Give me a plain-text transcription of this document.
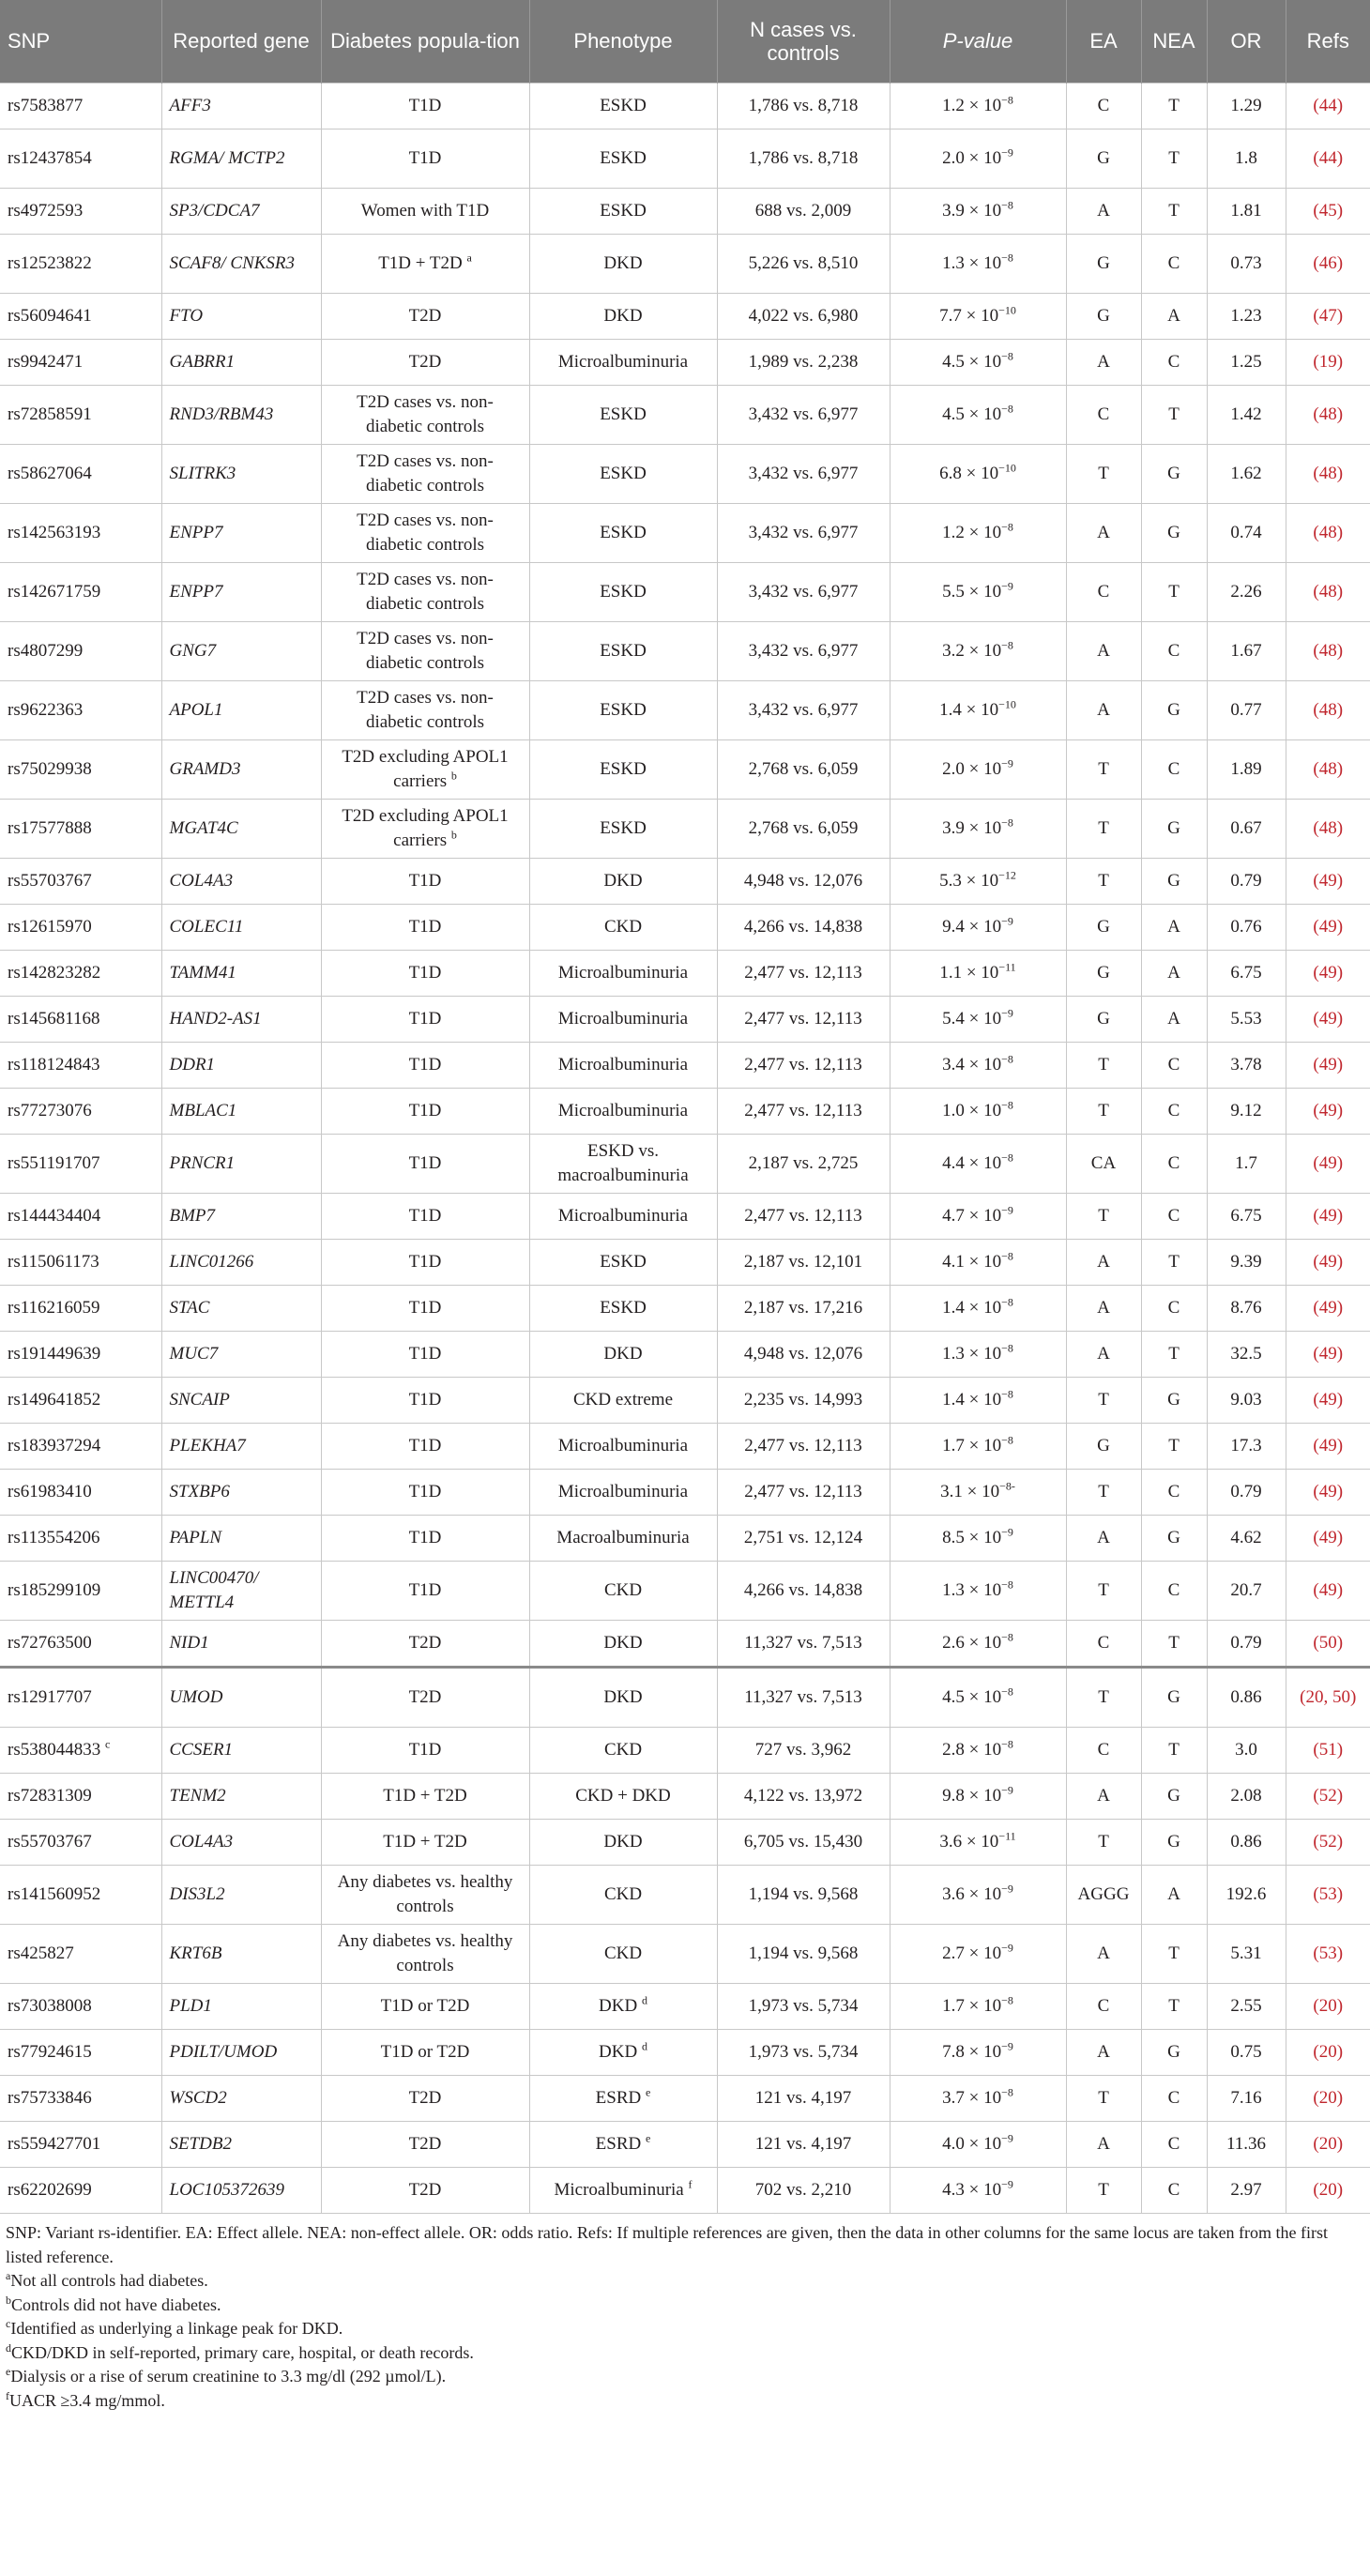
SNP	Reported gene	Diabetes popula-tion	Phenotype	N cases vs. controls	P-value	EA	NEA	OR	Refs
rs7583877	AFF3	T1D	ESKD	1,786 vs. 8,718	$1.2 \times 10^{-8}$	C	T	1.29	(44)
rs12437854	RGMA/ MCTP2	T1D	ESKD	1,786 vs. 8,718	$2.0 \times 10^{-9}$	G	T	1.8	(44)
rs4972593	SP3/CDCA7	Women with T1D	ESKD	688 vs. 2,009	$3.9 \times 10^{-8}$	A	T	1.81	(45)
rs12523822	SCAF8/ CNKSR3	T1D + T2D $^a$	DKD	5,226 vs. 8,510	$1.3 \times 10^{-8}$	G	C	0.73	(46)
rs56094641	FTO	T2D	DKD	4,022 vs. 6,980	$7.7 \times 10^{-10}$	G	A	1.23	(47)
rs9942471	GABRR1	T2D	Microalbuminuria	1,989 vs. 2,238	$4.5 \times 10^{-8}$	A	C	1.25	(19)
rs72858591	RND3/RBM43	T2D cases vs. non-diabetic controls	ESKD	3,432 vs. 6,977	$4.5 \times 10^{-8}$	C	T	1.42	(48)
rs58627064	SLITRK3	T2D cases vs. non-diabetic controls	ESKD	3,432 vs. 6,977	$6.8 \times 10^{-10}$	T	G	1.62	(48)
rs142563193	ENPP7	T2D cases vs. non-diabetic controls	ESKD	3,432 vs. 6,977	$1.2 \times 10^{-8}$	A	G	0.74	(48)
rs142671759	ENPP7	T2D cases vs. non-diabetic controls	ESKD	3,432 vs. 6,977	$5.5 \times 10^{-9}$	C	T	2.26	(48)
rs4807299	GNG7	T2D cases vs. non-diabetic controls	ESKD	3,432 vs. 6,977	$3.2 \times 10^{-8}$	A	C	1.67	(48)
rs9622363	APOL1	T2D cases vs. non-diabetic controls	ESKD	3,432 vs. 6,977	$1.4 \times 10^{-10}$	A	G	0.77	(48)
rs75029938	GRAMD3	T2D excluding APOL1 carriers $^b$	ESKD	2,768 vs. 6,059	$2.0 \times 10^{-9}$	T	C	1.89	(48)
rs17577888	MGAT4C	T2D excluding APOL1 carriers $^b$	ESKD	2,768 vs. 6,059	$3.9 \times 10^{-8}$	T	G	0.67	(48)
rs55703767	COL4A3	T1D	DKD	4,948 vs. 12,076	$5.3 \times 10^{-12}$	T	G	0.79	(49)
rs12615970	COLEC11	T1D	CKD	4,266 vs. 14,838	$9.4 \times 10^{-9}$	G	A	0.76	(49)
rs142823282	TAMM41	T1D	Microalbuminuria	2,477 vs. 12,113	$1.1 \times 10^{-11}$	G	A	6.75	(49)
rs145681168	HAND2-AS1	T1D	Microalbuminuria	2,477 vs. 12,113	$5.4 \times 10^{-9}$	G	A	5.53	(49)
rs118124843	DDR1	T1D	Microalbuminuria	2,477 vs. 12,113	$3.4 \times 10^{-8}$	T	C	3.78	(49)
rs77273076	MBLAC1	T1D	Microalbuminuria	2,477 vs. 12,113	$1.0 \times 10^{-8}$	T	C	9.12	(49)
rs551191707	PRNCR1	T1D	ESKD vs. macroalbuminuria	2,187 vs. 2,725	$4.4 \times 10^{-8}$	CA	C	1.7	(49)
rs144434404	BMP7	T1D	Microalbuminuria	2,477 vs. 12,113	$4.7 \times 10^{-9}$	T	C	6.75	(49)
rs115061173	LINC01266	T1D	ESKD	2,187 vs. 12,101	$4.1 \times 10^{-8}$	A	T	9.39	(49)
rs116216059	STAC	T1D	ESKD	2,187 vs. 17,216	$1.4 \times 10^{-8}$	A	C	8.76	(49)
rs191449639	MUC7	T1D	DKD	4,948 vs. 12,076	$1.3 \times 10^{-8}$	A	T	32.5	(49)
rs149641852	SNCAIP	T1D	CKD extreme	2,235 vs. 14,993	$1.4 \times 10^{-8}$	T	G	9.03	(49)
rs183937294	PLEKHA7	T1D	Microalbuminuria	2,477 vs. 12,113	$1.7 \times 10^{-8}$	G	T	17.3	(49)
rs61983410	STXBP6	T1D	Microalbuminuria	2,477 vs. 12,113	$3.1 \times 10^{-8-}$	T	C	0.79	(49)
rs113554206	PAPLN	T1D	Macroalbuminuria	2,751 vs. 12,124	$8.5 \times 10^{-9}$	A	G	4.62	(49)
rs185299109	LINC00470/ METTL4	T1D	CKD	4,266 vs. 14,838	$1.3 \times 10^{-8}$	T	C	20.7	(49)
rs72763500	NID1	T2D	DKD	11,327 vs. 7,513	$2.6 \times 10^{-8}$	C	T	0.79	(50)
rs12917707	UMOD	T2D	DKD	11,327 vs. 7,513	$4.5 \times 10^{-8}$	T	G	0.86	(20, 50)
rs538044833 $^c$	CCSER1	T1D	CKD	727 vs. 3,962	$2.8 \times 10^{-8}$	C	T	3.0	(51)
rs72831309	TENM2	T1D + T2D	CKD + DKD	4,122 vs. 13,972	$9.8 \times 10^{-9}$	A	G	2.08	(52)
rs55703767	COL4A3	T1D + T2D	DKD	6,705 vs. 15,430	$3.6 \times 10^{-11}$	T	G	0.86	(52)
rs141560952	DIS3L2	Any diabetes vs. healthy controls	CKD	1,194 vs. 9,568	$3.6 \times 10^{-9}$	AGGG	A	192.6	(53)
rs425827	KRT6B	Any diabetes vs. healthy controls	CKD	1,194 vs. 9,568	$2.7 \times 10^{-9}$	A	T	5.31	(53)
rs73038008	PLD1	T1D or T2D	DKD $^d$	1,973 vs. 5,734	$1.7 \times 10^{-8}$	C	T	2.55	(20)
rs77924615	PDILT/UMOD	T1D or T2D	DKD $^d$	1,973 vs. 5,734	$7.8 \times 10^{-9}$	A	G	0.75	(20)
rs75733846	WSCD2	T2D	ESRD $^e$	121 vs. 4,197	$3.7 \times 10^{-8}$	T	C	7.16	(20)
rs559427701	SETDB2	T2D	ESRD $^e$	121 vs. 4,197	$4.0 \times 10^{-9}$	A	C	11.36	(20)
rs62202699	LOC105372639	T2D	Microalbuminuria $^f$	702 vs. 2,210	$4.3 \times 10^{-9}$	T	C	2.97	(20)
SNP: Variant rs-identifier. EA: Effect allele. NEA: non-effect allele. OR: odds ratio. Refs: If multiple references are given, then the data in other columns for the same locus are taken from the first listed reference.
$^a$Not all controls had diabetes.
$^b$Controls did not have diabetes.
$^c$Identified as underlying a linkage peak for DKD.
$^d$CKD/DKD in self-reported, primary care, hospital, or death records.
$^e$Dialysis or a rise of serum creatinine to 3.3 mg/dl (292 µmol/L).
$^f$UACR ≥3.4 mg/mmol.
